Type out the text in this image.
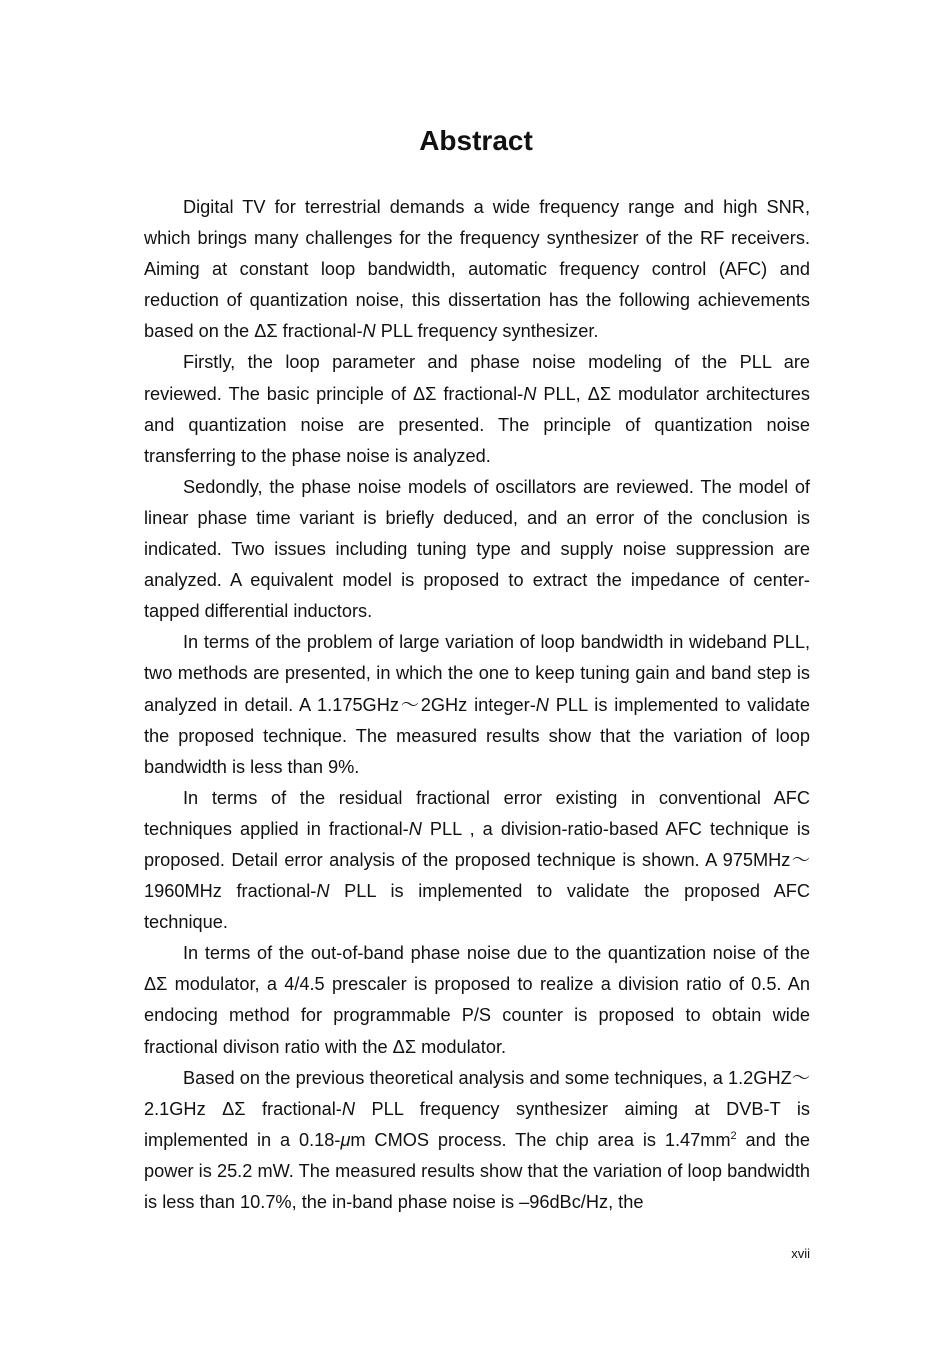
Abstract

Digital TV for terrestrial demands a wide frequency range and high SNR, which brings many challenges for the frequency synthesizer of the RF receivers. Aiming at constant loop bandwidth, automatic frequency control (AFC) and reduction of quantization noise, this dissertation has the following achievements based on the ΔΣ fractional-N PLL frequency synthesizer.

Firstly, the loop parameter and phase noise modeling of the PLL are reviewed. The basic principle of ΔΣ fractional-N PLL, ΔΣ modulator architectures and quantization noise are presented. The principle of quantization noise transferring to the phase noise is analyzed.

Sedondly, the phase noise models of oscillators are reviewed. The model of linear phase time variant is briefly deduced, and an error of the conclusion is indicated. Two issues including tuning type and supply noise suppression are analyzed. A equivalent model is proposed to extract the impedance of center-tapped differential inductors.

In terms of the problem of large variation of loop bandwidth in wideband PLL, two methods are presented, in which the one to keep tuning gain and band step is analyzed in detail. A 1.175GHz～2GHz integer-N PLL is implemented to validate the proposed technique. The measured results show that the variation of loop bandwidth is less than 9%.

In terms of the residual fractional error existing in conventional AFC techniques applied in fractional-N PLL , a division-ratio-based AFC technique is proposed. Detail error analysis of the proposed technique is shown. A 975MHz～1960MHz fractional-N PLL is implemented to validate the proposed AFC technique.

In terms of the out-of-band phase noise due to the quantization noise of the ΔΣ modulator, a 4/4.5 prescaler is proposed to realize a division ratio of 0.5. An endocing method for programmable P/S counter is proposed to obtain wide fractional divison ratio with the ΔΣ modulator.

Based on the previous theoretical analysis and some techniques, a 1.2GHZ～2.1GHz ΔΣ fractional-N PLL frequency synthesizer aiming at DVB-T is implemented in a 0.18-μm CMOS process. The chip area is $1.47mm^2$ and the power is 25.2 mW. The measured results show that the variation of loop bandwidth is less than 10.7%, the in-band phase noise is –96dBc/Hz, the

xvii
